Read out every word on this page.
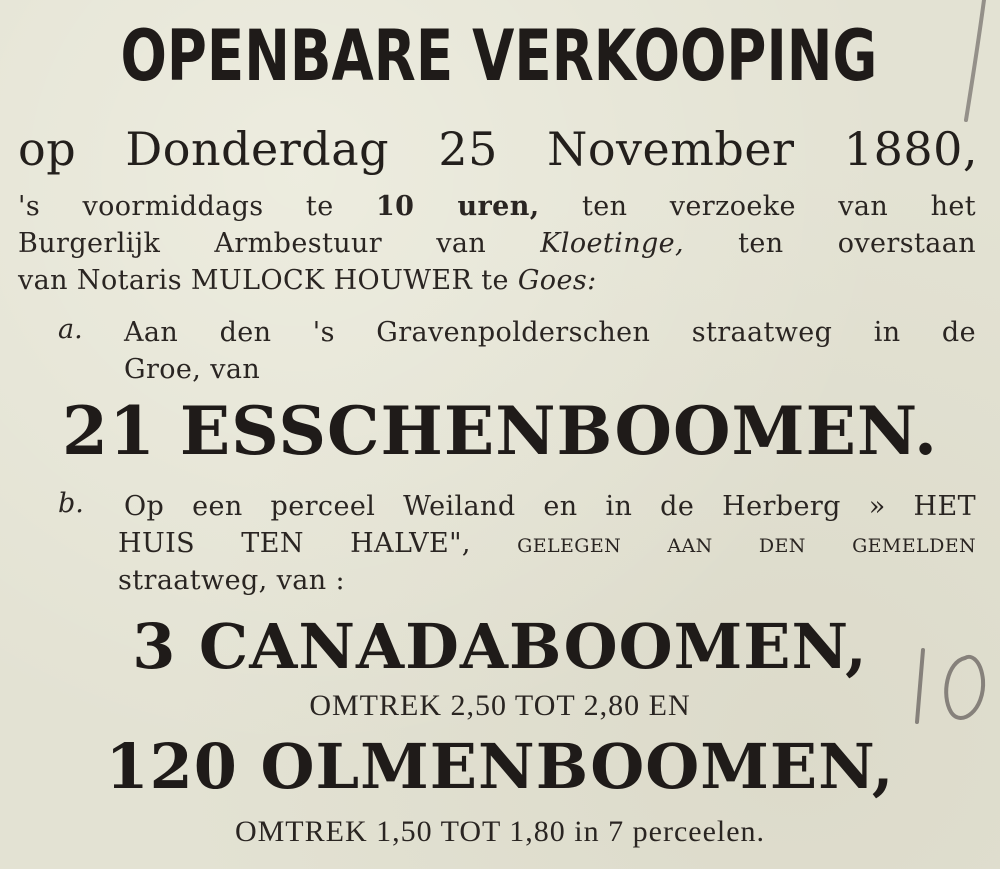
OPENBARE VERKOOPING
op Donderdag 25 November 1880,
's voormiddags te 10 uren, ten verzoeke van het
Burgerlijk Armbestuur van Kloetinge, ten overstaan
van Notaris MULOCK HOUWER te Goes:
a. Aan den 's Gravenpolderschen straatweg in de
Groe, van
21 ESSCHENBOOMEN.
b. Op een perceel Weiland en in de Herberg » HET
HUIS TEN HALVE", gelegen aan den gemelden
straatweg, van :
3 CANADABOOMEN,
OMTREK 2,50 TOT 2,80 EN
120 OLMENBOOMEN,
OMTREK 1,50 TOT 1,80 in 7 perceelen.
